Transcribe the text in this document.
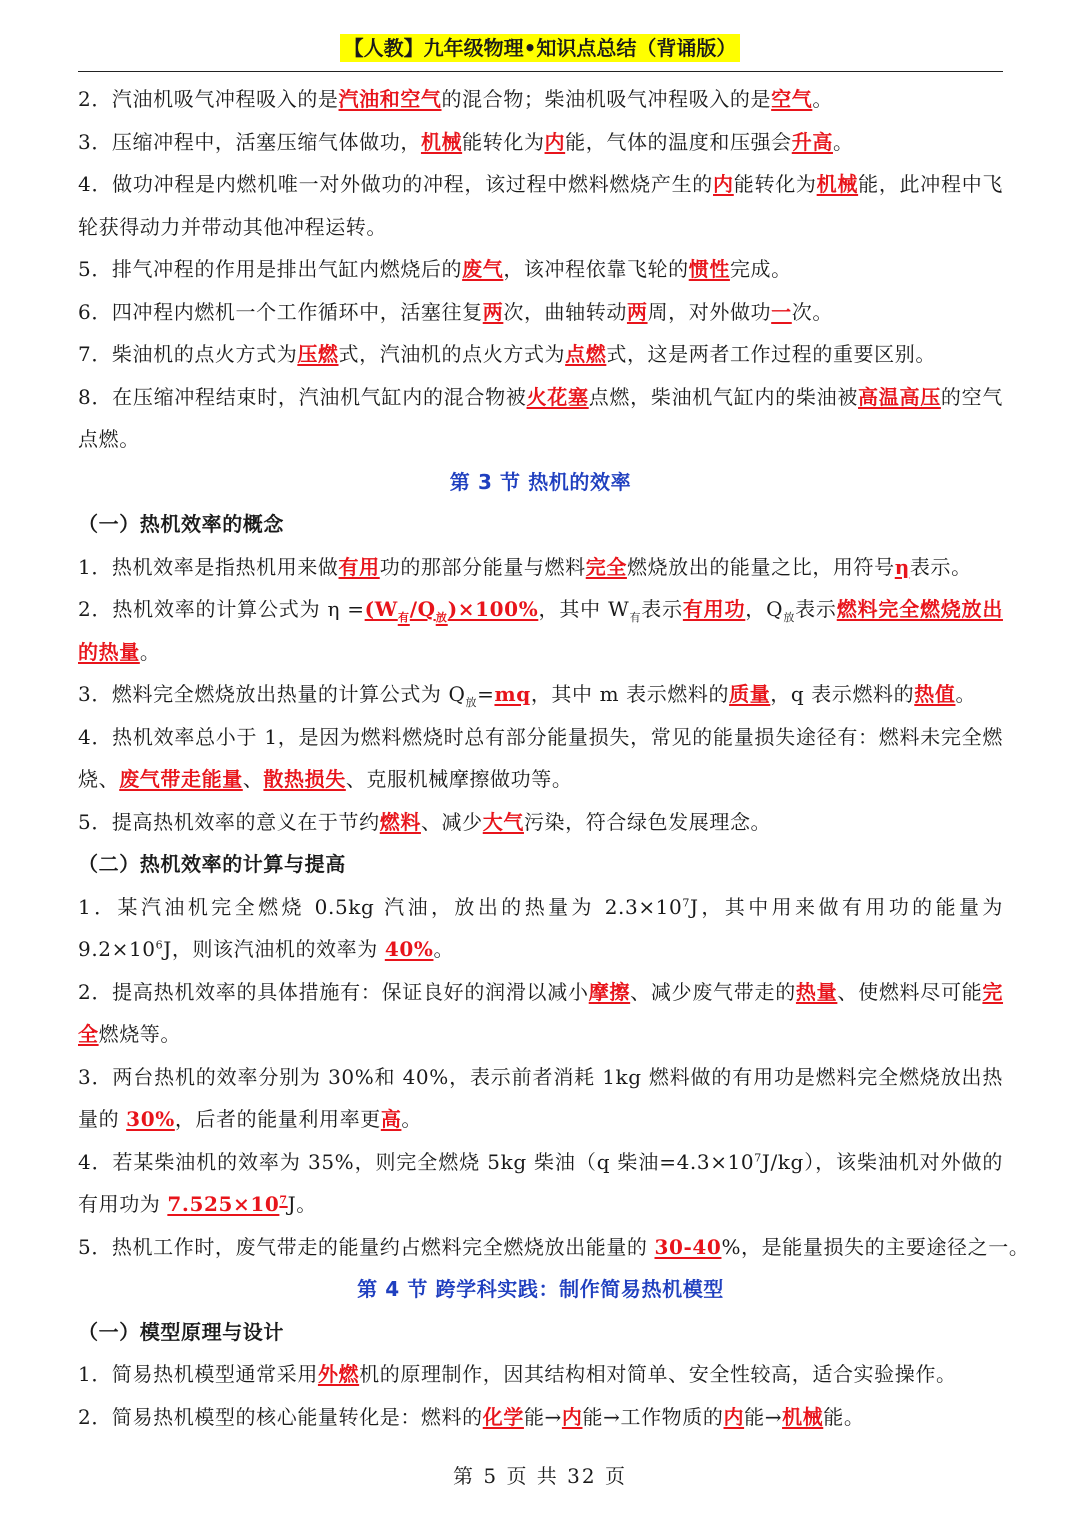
【人教】九年级物理•知识点总结（背诵版）

2．汽油机吸气冲程吸入的是汽油和空气的混合物；柴油机吸气冲程吸入的是空气。

3．压缩冲程中，活塞压缩气体做功，机械能转化为内能，气体的温度和压强会升高。

4．做功冲程是内燃机唯一对外做功的冲程，该过程中燃料燃烧产生的内能转化为机械能，此冲程中飞轮获得动力并带动其他冲程运转。

5．排气冲程的作用是排出气缸内燃烧后的废气，该冲程依靠飞轮的惯性完成。

6．四冲程内燃机一个工作循环中，活塞往复两次，曲轴转动两周，对外做功一次。

7．柴油机的点火方式为压燃式，汽油机的点火方式为点燃式，这是两者工作过程的重要区别。

8．在压缩冲程结束时，汽油机气缸内的混合物被火花塞点燃，柴油机气缸内的柴油被高温高压的空气点燃。

第 3 节 热机的效率

（一）热机效率的概念

1．热机效率是指热机用来做有用功的那部分能量与燃料完全燃烧放出的能量之比，用符号η表示。

2．热机效率的计算公式为 $\eta =(W_有/Q_放)\times 100\%$，其中 $W_有$表示有用功，$Q_放$表示燃料完全燃烧放出的热量。

3．燃料完全燃烧放出热量的计算公式为 $Q_放=mq$，其中 m 表示燃料的质量，q 表示燃料的热值。

4．热机效率总小于 1，是因为燃料燃烧时总有部分能量损失，常见的能量损失途径有：燃料未完全燃烧、废气带走能量、散热损失、克服机械摩擦做功等。

5．提高热机效率的意义在于节约燃料、减少大气污染，符合绿色发展理念。

（二）热机效率的计算与提高

1．某汽油机完全燃烧 0.5kg 汽油，放出的热量为 $2.3\times 10^7J$，其中用来做有用功的能量为 $9.2\times 10^6J$，则该汽油机的效率为 40%。

2．提高热机效率的具体措施有：保证良好的润滑以减小摩擦、减少废气带走的热量、使燃料尽可能完全燃烧等。

3．两台热机的效率分别为 30%和 40%，表示前者消耗 1kg 燃料做的有用功是燃料完全燃烧放出热量的 30%，后者的能量利用率更高。

4．若某柴油机的效率为 35%，则完全燃烧 5kg 柴油（q 柴油$=4.3\times 10^7J/kg$），该柴油机对外做的有用功为 $7.525\times 10^7J$。

5．热机工作时，废气带走的能量约占燃料完全燃烧放出能量的 30-40%，是能量损失的主要途径之一。

第 4 节 跨学科实践：制作简易热机模型

（一）模型原理与设计

1．简易热机模型通常采用外燃机的原理制作，因其结构相对简单、安全性较高，适合实验操作。

2．简易热机模型的核心能量转化是：燃料的化学能→内能→工作物质的内能→机械能。

第 5 页 共 32 页
